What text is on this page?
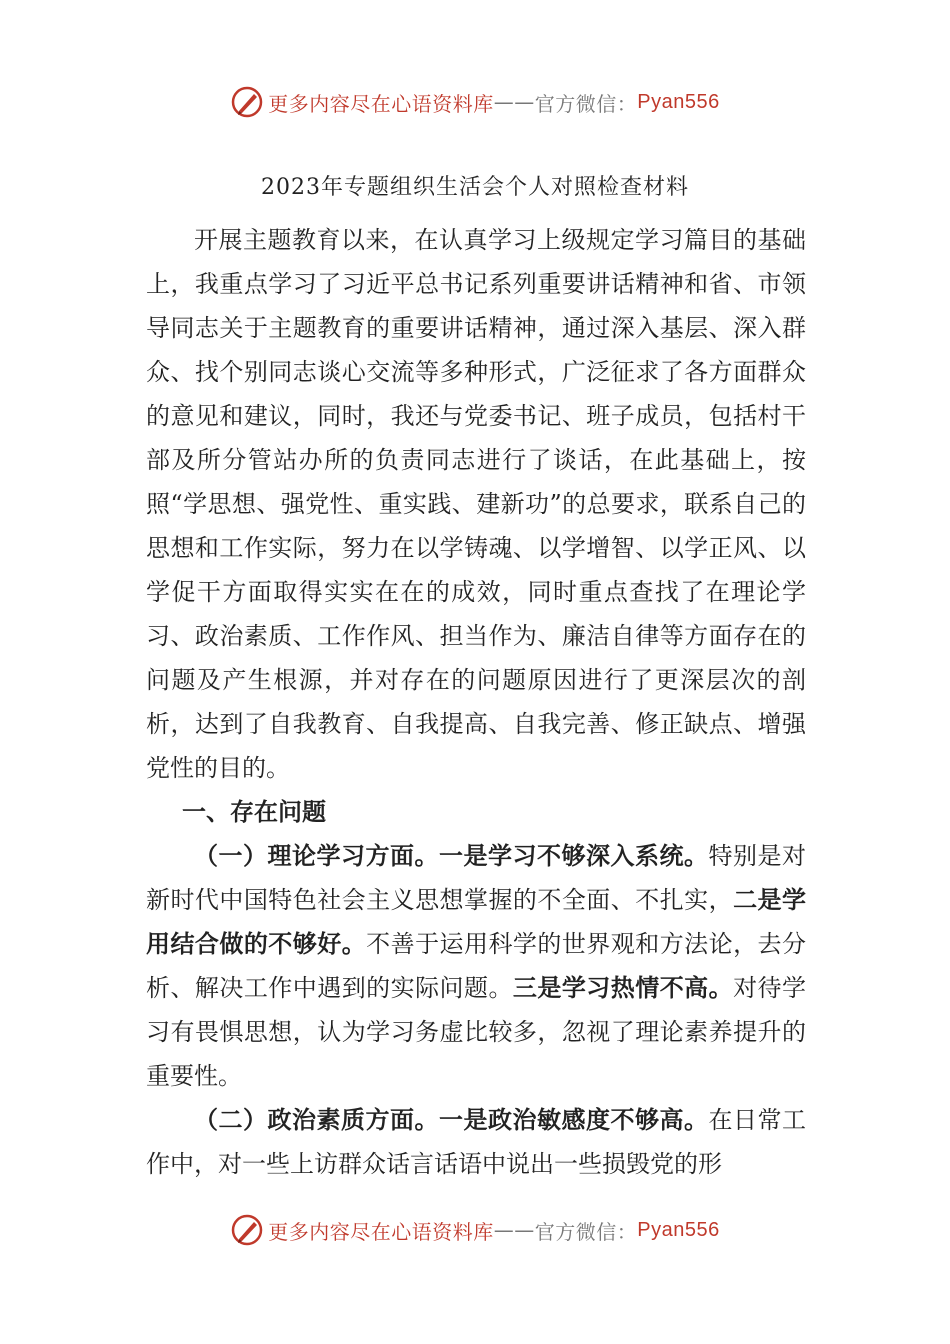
更多内容尽在心语资料库 —— 官方微信： Pyan556
2023年专题组织生活会个人对照检查材料

开展主题教育以来，在认真学习上级规定学习篇目的基础上，我重点学习了习近平总书记系列重要讲话精神和省、市领导同志关于主题教育的重要讲话精神，通过深入基层、深入群众、找个别同志谈心交流等多种形式，广泛征求了各方面群众的意见和建议，同时，我还与党委书记、班子成员，包括村干部及所分管站办所的负责同志进行了谈话，在此基础上，按照“学思想、强党性、重实践、建新功”的总要求，联系自己的思想和工作实际，努力在以学铸魂、以学增智、以学正风、以学促干方面取得实实在在的成效，同时重点查找了在理论学习、政治素质、工作作风、担当作为、廉洁自律等方面存在的问题及产生根源，并对存在的问题原因进行了更深层次的剖析，达到了自我教育、自我提高、自我完善、修正缺点、增强党性的目的。

一、存在问题

（一）理论学习方面。一是学习不够深入系统。特别是对新时代中国特色社会主义思想掌握的不全面、不扎实，二是学用结合做的不够好。不善于运用科学的世界观和方法论，去分析、解决工作中遇到的实际问题。三是学习热情不高。对待学习有畏惧思想，认为学习务虚比较多，忽视了理论素养提升的重要性。

（二）政治素质方面。一是政治敏感度不够高。在日常工作中，对一些上访群众话言话语中说出一些损毁党的形

更多内容尽在心语资料库 —— 官方微信： Pyan556
